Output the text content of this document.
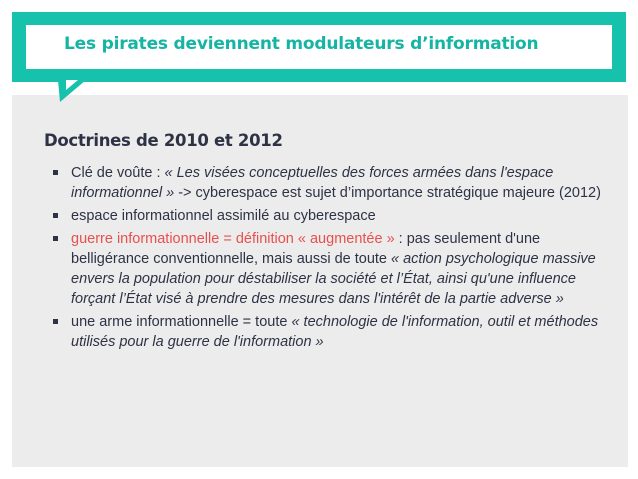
Les pirates deviennent modulateurs d’information
Doctrines de 2010 et 2012
Clé de voûte : « Les visées conceptuelles des forces armées dans l'espace informationnel » -> cyberespace est sujet d’importance stratégique majeure (2012)
espace informationnel assimilé au cyberespace
guerre informationnelle = définition « augmentée » : pas seulement d'une belligérance conventionnelle, mais aussi de toute « action psychologique massive envers la population pour déstabiliser la société et l’État, ainsi qu'une influence forçant l’État visé à prendre des mesures dans l'intérêt de la partie adverse »
une arme informationnelle = toute « technologie de l'information, outil et méthodes utilisés pour la guerre de l'information »
